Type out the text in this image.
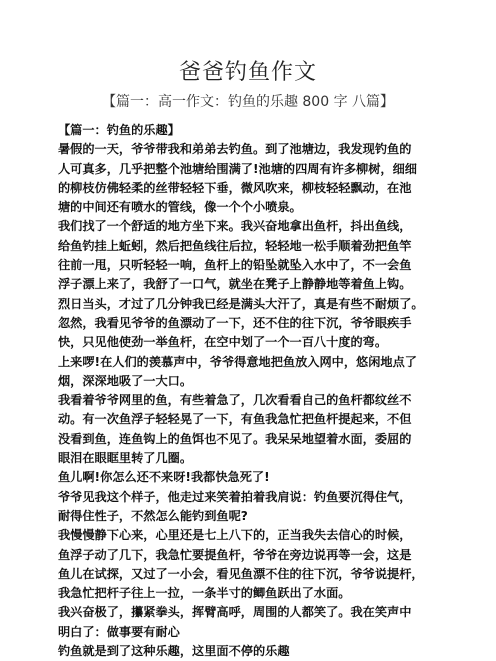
爸爸钓鱼作文
【篇一：高一作文：钓鱼的乐趣 800 字 八篇】

【篇一：钓鱼的乐趣】

暑假的一天，爷爷带我和弟弟去钓鱼。到了池塘边，我发现钓鱼的

人可真多，几乎把整个池塘给围满了!池塘的四周有许多柳树，细细

的柳枝仿佛轻柔的丝带轻轻下垂，微风吹来，柳枝轻轻飘动，在池

塘的中间还有喷水的管线，像一个个小喷泉。

我们找了一个舒适的地方坐下来。我兴奋地拿出鱼杆，抖出鱼线，

给鱼钓挂上蚯蚓，然后把鱼线往后拉，轻轻地一松手顺着劲把鱼竿

往前一甩，只听轻轻一响，鱼杆上的铅坠就坠入水中了，不一会鱼

浮子漂上来了，我舒了一口气，就坐在凳子上静静地等着鱼上钩。

烈日当头，才过了几分钟我已经是满头大汗了，真是有些不耐烦了。

忽然，我看见爷爷的鱼漂动了一下，还不住的往下沉，爷爷眼疾手

快，只见他使劲一举鱼杆，在空中划了一个一百八十度的弯。

上来啰!在人们的羡慕声中，爷爷得意地把鱼放入网中，悠闲地点了

烟，深深地吸了一大口。

我看着爷爷网里的鱼，有些着急了，几次看看自己的鱼杆都纹丝不

动。有一次鱼浮子轻轻晃了一下，有鱼我急忙把鱼杆提起来，不但

没看到鱼，连鱼钩上的鱼饵也不见了。我呆呆地望着水面，委屈的

眼泪在眼眶里转了几圈。

鱼儿啊!你怎么还不来呀!我都快急死了!

爷爷见我这个样子，他走过来笑着拍着我肩说：钓鱼要沉得住气，

耐得住性子，不然怎么能钓到鱼呢?

我慢慢静下心来，心里还是七上八下的，正当我失去信心的时候，

鱼浮子动了几下，我急忙要提鱼杆，爷爷在旁边说再等一会，这是

鱼儿在试探，又过了一小会，看见鱼漂不住的往下沉，爷爷说提杆，

我急忙把杆子往上一拉，一条半寸的鲫鱼跃出了水面。

我兴奋极了，攥紧拳头，挥臂高呼，周围的人都笑了。我在笑声中

明白了：做事要有耐心

钓鱼就是到了这种乐趣，这里面不停的乐趣
